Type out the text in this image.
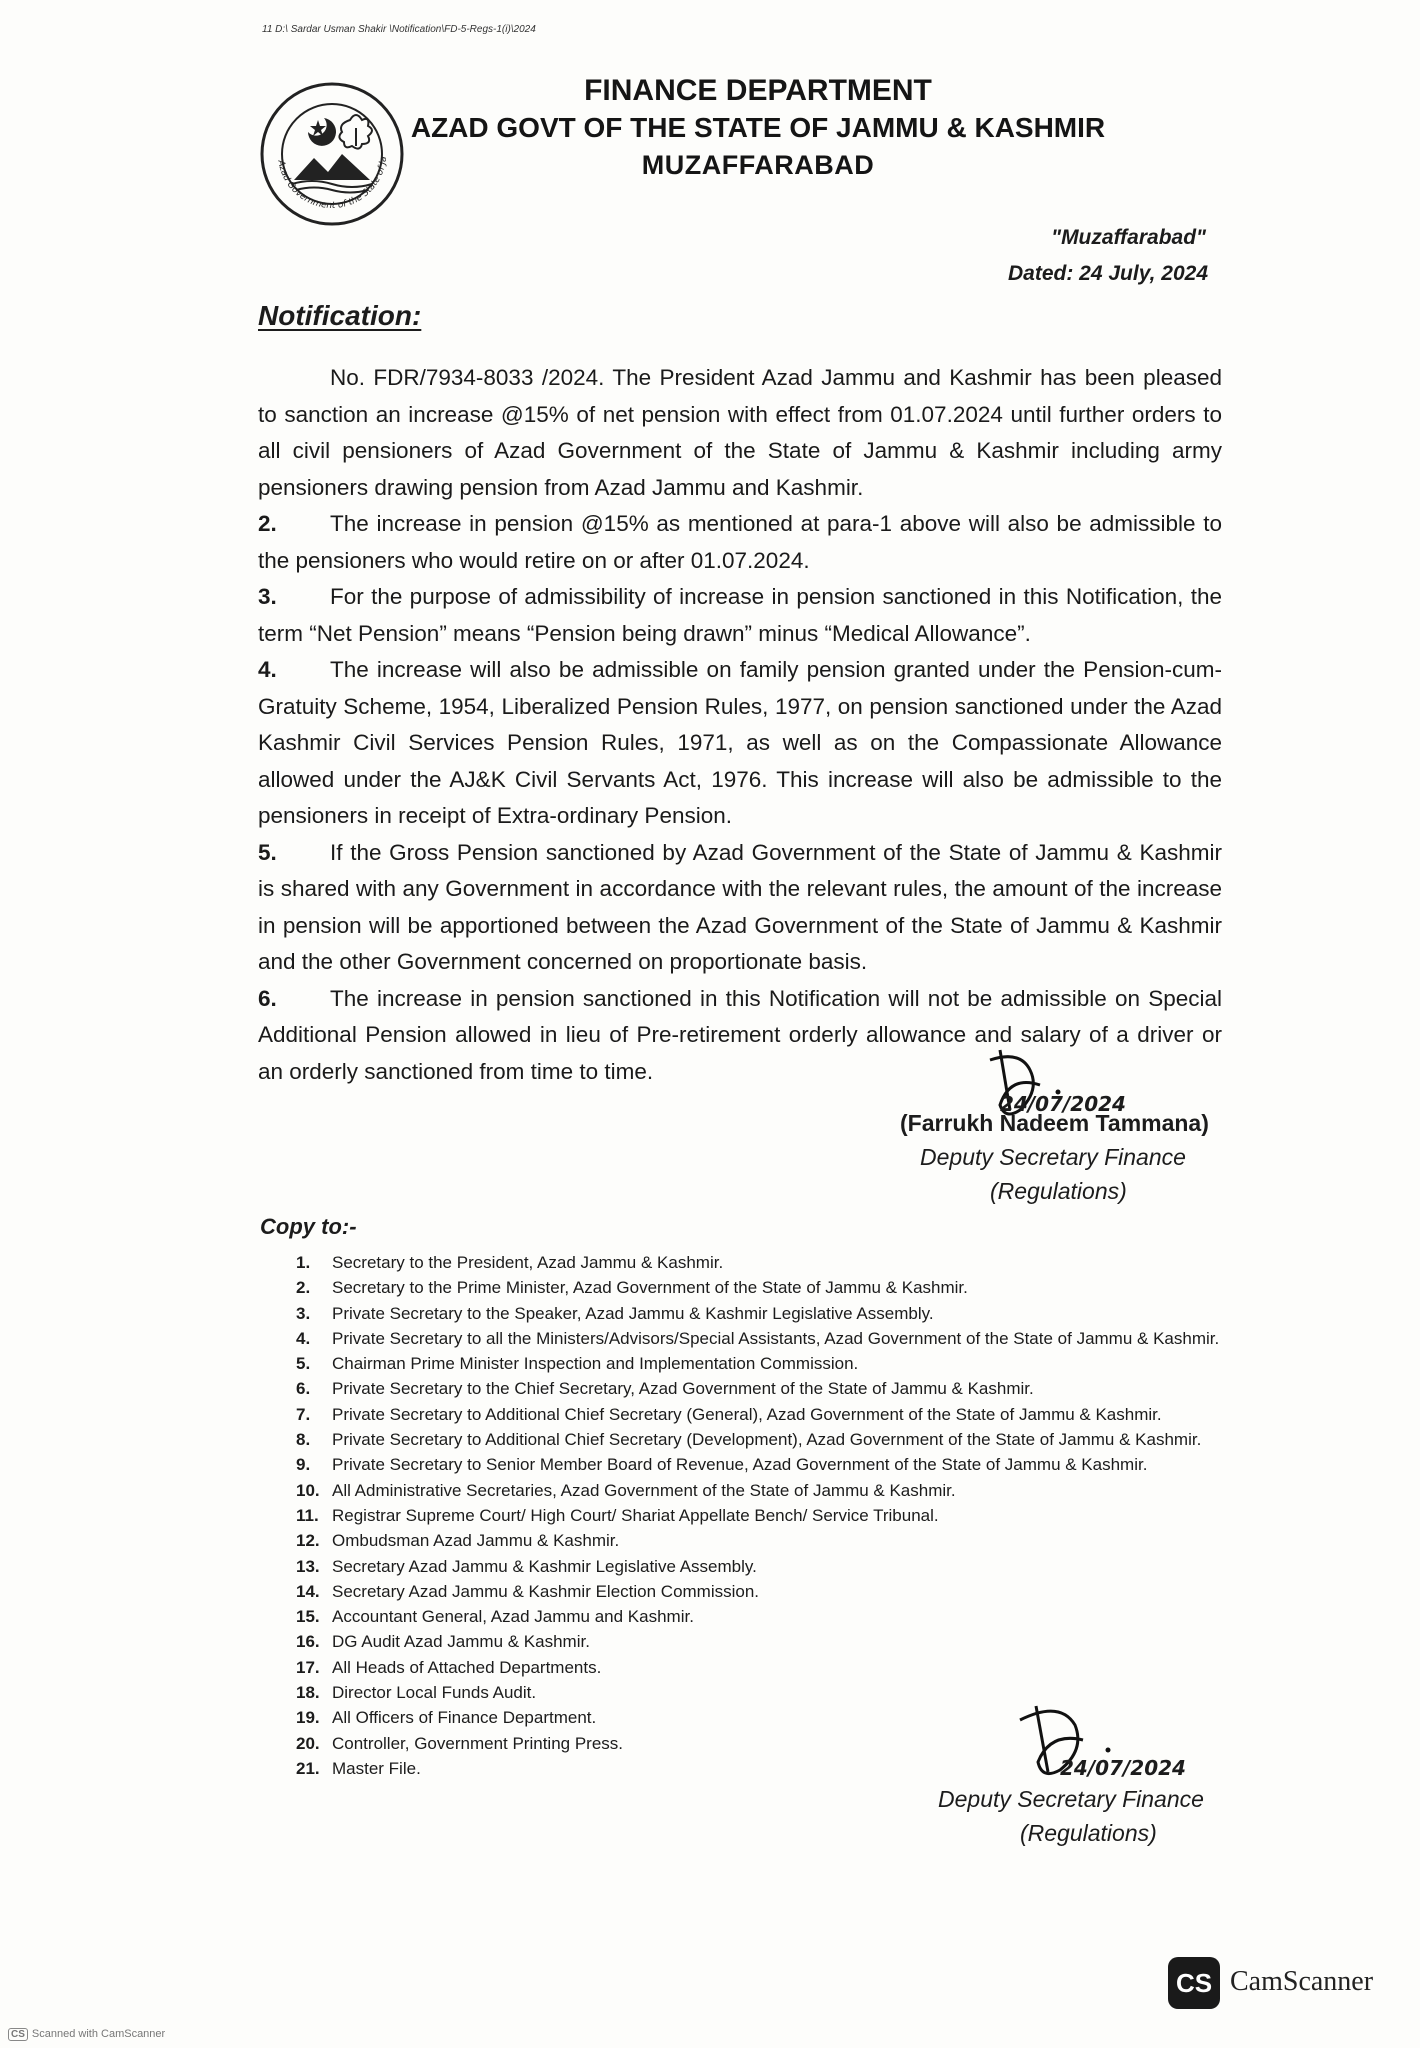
11 D:\ Sardar Usman Shakir \Notification\FD-5-Regs-1(i)\2024
Azad Government of the State of Ja
FINANCE DEPARTMENT
AZAD GOVT OF THE STATE OF JAMMU & KASHMIR
MUZAFFARABAD
"Muzaffarabad"
Dated: 24 July, 2024
Notification:

No. FDR/7934-8033 /2024. The President Azad Jammu and Kashmir has been pleased to sanction an increase @15% of net pension with effect from 01.07.2024 until further orders to all civil pensioners of Azad Government of the State of Jammu & Kashmir including army pensioners drawing pension from Azad Jammu and Kashmir.

2. The increase in pension @15% as mentioned at para-1 above will also be admissible to the pensioners who would retire on or after 01.07.2024.

3. For the purpose of admissibility of increase in pension sanctioned in this Notification, the term “Net Pension” means “Pension being drawn” minus “Medical Allowance”.

4. The increase will also be admissible on family pension granted under the Pension-cum-Gratuity Scheme, 1954, Liberalized Pension Rules, 1977, on pension sanctioned under the Azad Kashmir Civil Services Pension Rules, 1971, as well as on the Compassionate Allowance allowed under the AJ&K Civil Servants Act, 1976. This increase will also be admissible to the pensioners in receipt of Extra-ordinary Pension.

5. If the Gross Pension sanctioned by Azad Government of the State of Jammu & Kashmir is shared with any Government in accordance with the relevant rules, the amount of the increase in pension will be apportioned between the Azad Government of the State of Jammu & Kashmir and the other Government concerned on proportionate basis.

6. The increase in pension sanctioned in this Notification will not be admissible on Special Additional Pension allowed in lieu of Pre-retirement orderly allowance and salary of a driver or an orderly sanctioned from time to time.

24/07/2024
(Farrukh Nadeem Tammana)
Deputy Secretary Finance
(Regulations)
Copy to:-
1. Secretary to the President, Azad Jammu & Kashmir.
2. Secretary to the Prime Minister, Azad Government of the State of Jammu & Kashmir.
3. Private Secretary to the Speaker, Azad Jammu & Kashmir Legislative Assembly.
4. Private Secretary to all the Ministers/Advisors/Special Assistants, Azad Government of the State of Jammu & Kashmir.
5. Chairman Prime Minister Inspection and Implementation Commission.
6. Private Secretary to the Chief Secretary, Azad Government of the State of Jammu & Kashmir.
7. Private Secretary to Additional Chief Secretary (General), Azad Government of the State of Jammu & Kashmir.
8. Private Secretary to Additional Chief Secretary (Development), Azad Government of the State of Jammu & Kashmir.
9. Private Secretary to Senior Member Board of Revenue, Azad Government of the State of Jammu & Kashmir.
10. All Administrative Secretaries, Azad Government of the State of Jammu & Kashmir.
11. Registrar Supreme Court/ High Court/ Shariat Appellate Bench/ Service Tribunal.
12. Ombudsman Azad Jammu & Kashmir.
13. Secretary Azad Jammu & Kashmir Legislative Assembly.
14. Secretary Azad Jammu & Kashmir Election Commission.
15. Accountant General, Azad Jammu and Kashmir.
16. DG Audit Azad Jammu & Kashmir.
17. All Heads of Attached Departments.
18. Director Local Funds Audit.
19. All Officers of Finance Department.
20. Controller, Government Printing Press.
21. Master File.	24/07/2024
Deputy Secretary Finance
(Regulations)
CS CamScanner
CS Scanned with CamScanner
